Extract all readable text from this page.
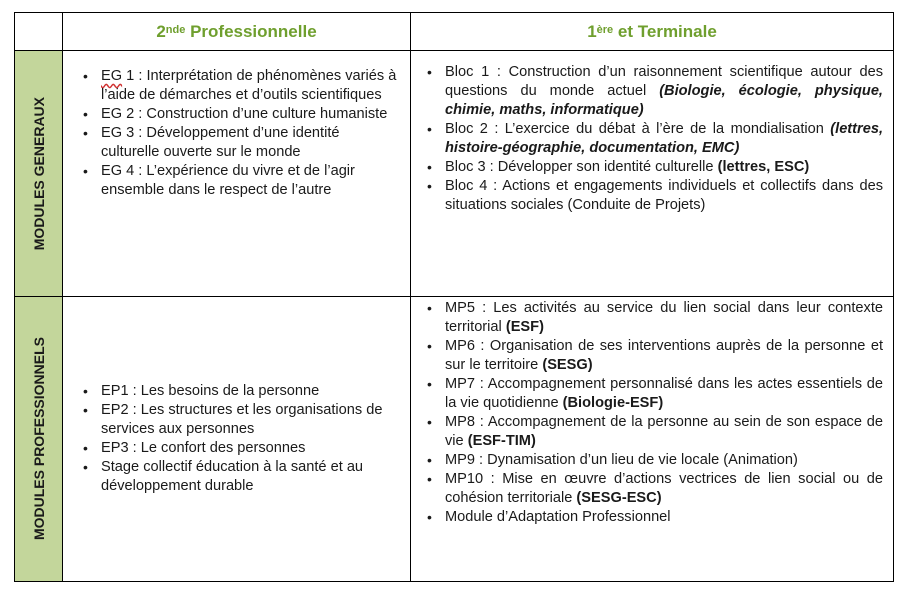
2nde Professionnelle	1ère et Terminale
MODULES GENERAUX
• EG 1 : Interprétation de phénomènes variés à l’aide de démarches et d’outils scientifiques
• EG 2 : Construction d’une culture humaniste
• EG 3 : Développement d’une identité culturelle ouverte sur le monde
• EG 4 : L’expérience du vivre et de l’agir ensemble dans le respect de l’autre
• Bloc 1 : Construction d’un raisonnement scientifique autour des questions du monde actuel (Biologie, écologie, physique, chimie, maths, informatique)
• Bloc 2 : L’exercice du débat à l’ère de la mondialisation (lettres, histoire-géographie, documentation, EMC)
• Bloc 3 : Développer son identité culturelle (lettres, ESC)
• Bloc 4 : Actions et engagements individuels et collectifs dans des situations sociales (Conduite de Projets)
MODULES PROFESSIONNELS
•	EP1 : Les besoins de la personne
• EP2 : Les structures et les organisations de services aux personnes
• EP3 : Le confort des personnes
• Stage collectif éducation à la santé et au développement durable
• MP5 : Les activités au service du lien social dans leur contexte territorial (ESF)
• MP6 : Organisation de ses interventions auprès de la personne et sur le territoire (SESG)
• MP7 : Accompagnement personnalisé dans les actes essentiels de la vie quotidienne (Biologie-ESF)
• MP8 : Accompagnement de la personne au sein de son espace de vie (ESF-TIM)
• MP9 : Dynamisation d’un lieu de vie locale (Animation)
• MP10 : Mise en œuvre d’actions vectrices de lien social ou de cohésion territoriale (SESG-ESC)
• Module d’Adaptation Professionnel
